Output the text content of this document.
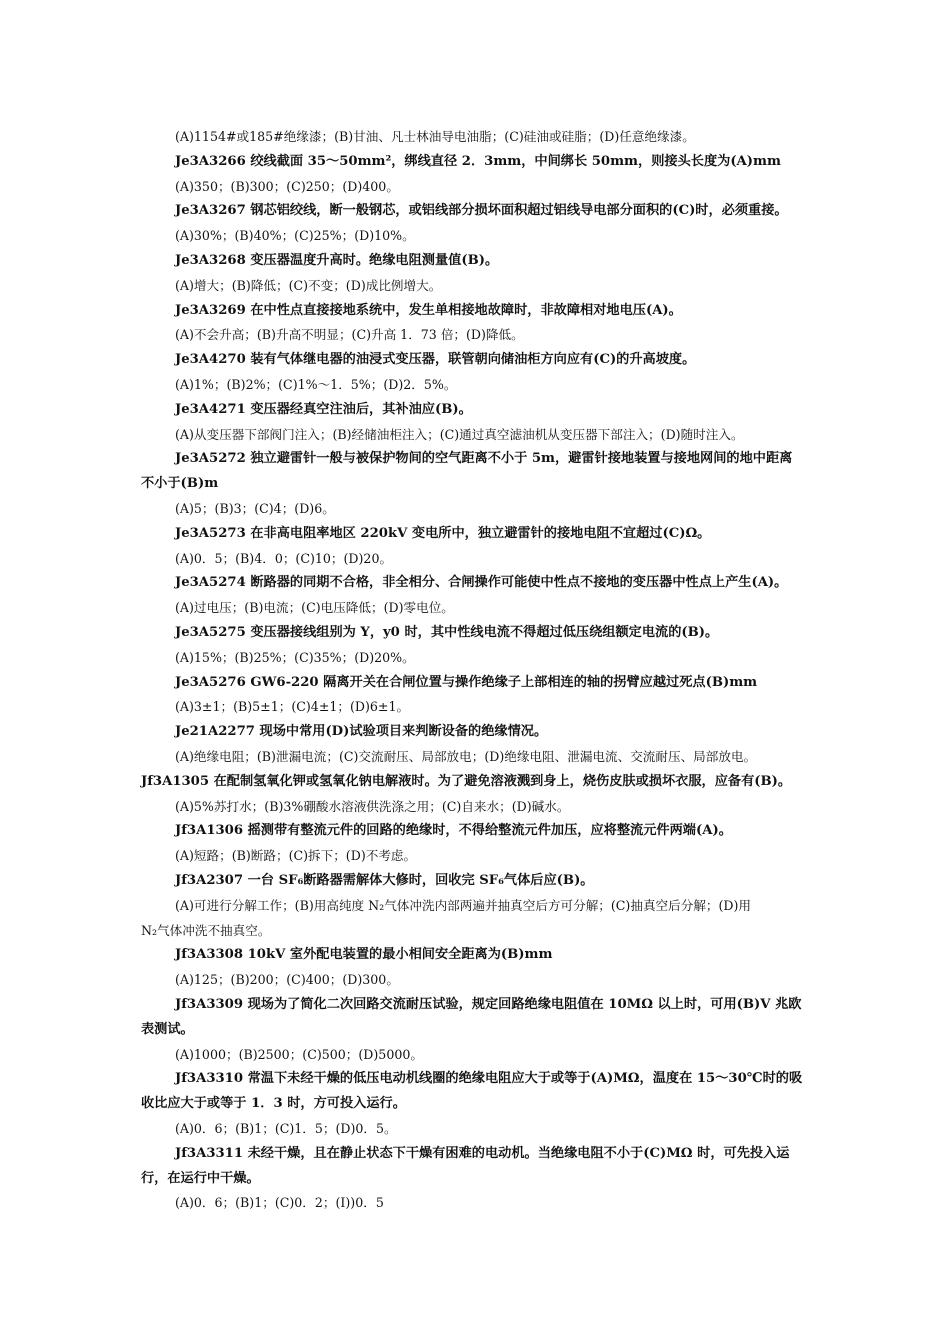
(A)1154#或185#绝缘漆；(B)甘油、凡士林油导电油脂；(C)硅油或硅脂；(D)任意绝缘漆。
Je3A3266 绞线截面 35～50mm²，绑线直径 2．3mm，中间绑长 50mm，则接头长度为(A)mm
(A)350；(B)300；(C)250；(D)400。
Je3A3267 钢芯铝绞线，断一般钢芯，或铝线部分损坏面积超过铝线导电部分面积的(C)时，必须重接。
(A)30%；(B)40%；(C)25%；(D)10%。
Je3A3268 变压器温度升高时。绝缘电阻测量值(B)。
(A)增大；(B)降低；(C)不变；(D)成比例增大。
Je3A3269 在中性点直接接地系统中，发生单相接地故障时，非故障相对地电压(A)。
(A)不会升高；(B)升高不明显；(C)升高 1．73 倍；(D)降低。
Je3A4270 装有气体继电器的油浸式变压器，联管朝向储油柜方向应有(C)的升高坡度。
(A)1%；(B)2%；(C)1%～1．5%；(D)2．5%。
Je3A4271 变压器经真空注油后，其补油应(B)。
(A)从变压器下部阀门注入；(B)经储油柜注入；(C)通过真空滤油机从变压器下部注入；(D)随时注入。
Je3A5272 独立避雷针一般与被保护物间的空气距离不小于 5m，避雷针接地装置与接地网间的地中距离
不小于(B)m
(A)5；(B)3；(C)4；(D)6。
Je3A5273 在非高电阻率地区 220kV 变电所中，独立避雷针的接地电阻不宜超过(C)Ω。
(A)0．5；(B)4．0；(C)10；(D)20。
Je3A5274 断路器的同期不合格，非全相分、合闸操作可能使中性点不接地的变压器中性点上产生(A)。
(A)过电压；(B)电流；(C)电压降低；(D)零电位。
Je3A5275 变压器接线组别为 Y，y0 时，其中性线电流不得超过低压绕组额定电流的(B)。
(A)15%；(B)25%；(C)35%；(D)20%。
Je3A5276 GW6-220 隔离开关在合闸位置与操作绝缘子上部相连的轴的拐臂应越过死点(B)mm
(A)3±1；(B)5±1；(C)4±1；(D)6±1。
Je21A2277 现场中常用(D)试验项目来判断设备的绝缘情况。
(A)绝缘电阻；(B)泄漏电流；(C)交流耐压、局部放电；(D)绝缘电阻、泄漏电流、交流耐压、局部放电。
Jf3A1305 在配制氢氧化钾或氢氧化钠电解液时。为了避免溶液溅到身上，烧伤皮肤或损坏衣服，应备有(B)。
(A)5%苏打水；(B)3%硼酸水溶液供洗涤之用；(C)自来水；(D)碱水。
Jf3A1306 摇测带有整流元件的回路的绝缘时，不得给整流元件加压，应将整流元件两端(A)。
(A)短路；(B)断路；(C)拆下；(D)不考虑。
Jf3A2307 一台 SF₆断路器需解体大修时，回收完 SF₆气体后应(B)。
(A)可进行分解工作；(B)用高纯度 N₂气体冲洗内部两遍并抽真空后方可分解；(C)抽真空后分解；(D)用
N₂气体冲洗不抽真空。
Jf3A3308 10kV 室外配电装置的最小相间安全距离为(B)mm
(A)125；(B)200；(C)400；(D)300。
Jf3A3309 现场为了简化二次回路交流耐压试验，规定回路绝缘电阻值在 10MΩ 以上时，可用(B)V 兆欧
表测试。
(A)1000；(B)2500；(C)500；(D)5000。
Jf3A3310 常温下未经干燥的低压电动机线圈的绝缘电阻应大于或等于(A)MΩ，温度在 15～30℃时的吸
收比应大于或等于 1．3 时，方可投入运行。
(A)0．6；(B)1；(C)1．5；(D)0．5。
Jf3A3311 未经干燥，且在静止状态下干燥有困难的电动机。当绝缘电阻不小于(C)MΩ 时，可先投入运
行，在运行中干燥。
(A)0．6；(B)1；(C)0．2；(I))0．5
